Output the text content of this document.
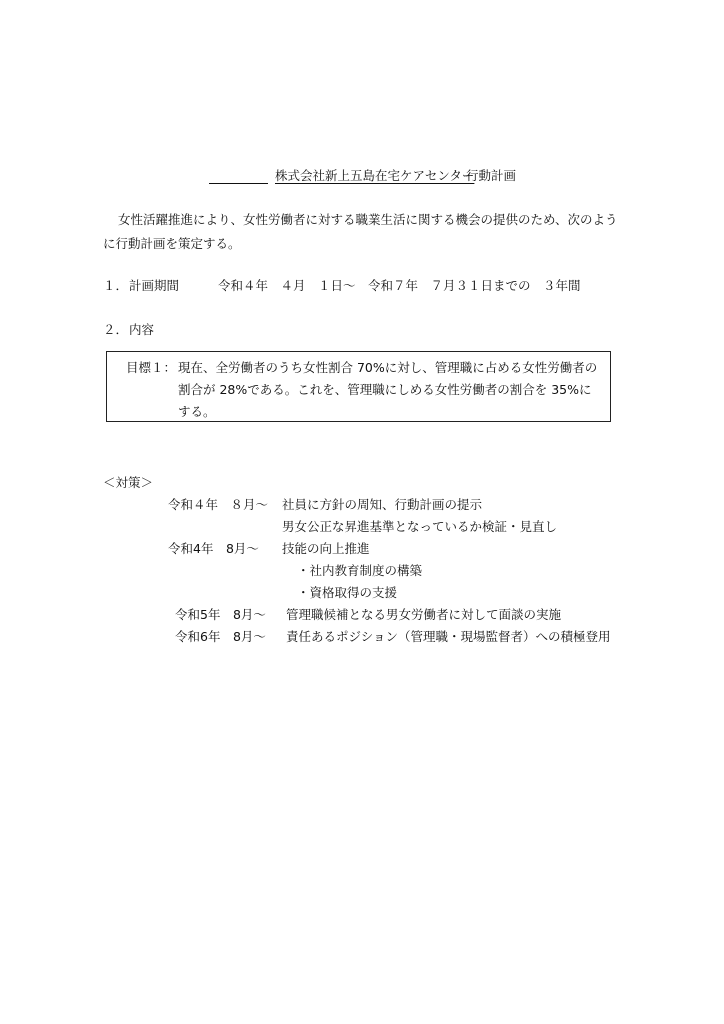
株式会社新上五島在宅ケアセンター
行動計画
女性活躍推進により、女性労働者に対する職業生活に関する機会の提供のため、次のよう
に行動計画を策定する。
１． 計画期間	令和４年　４月　１日～　令和７年　７月３１日までの　３年間
２． 内容
目標１： 現在、全労働者のうち女性割合 70%に対し、管理職に占める女性労働者の
割合が 28%である。これを、管理職にしめる女性労働者の割合を 35%に
する。
＜対策＞
令和４年　８月～ 社員に方針の周知、行動計画の提示
男女公正な昇進基準となっているか検証・見直し
令和4年　8月～ 技能の向上推進
・社内教育制度の構築
・資格取得の支援
令和5年　8月～ 管理職候補となる男女労働者に対して面談の実施
令和6年　8月～ 責任あるポジション（管理職・現場監督者）への積極登用
